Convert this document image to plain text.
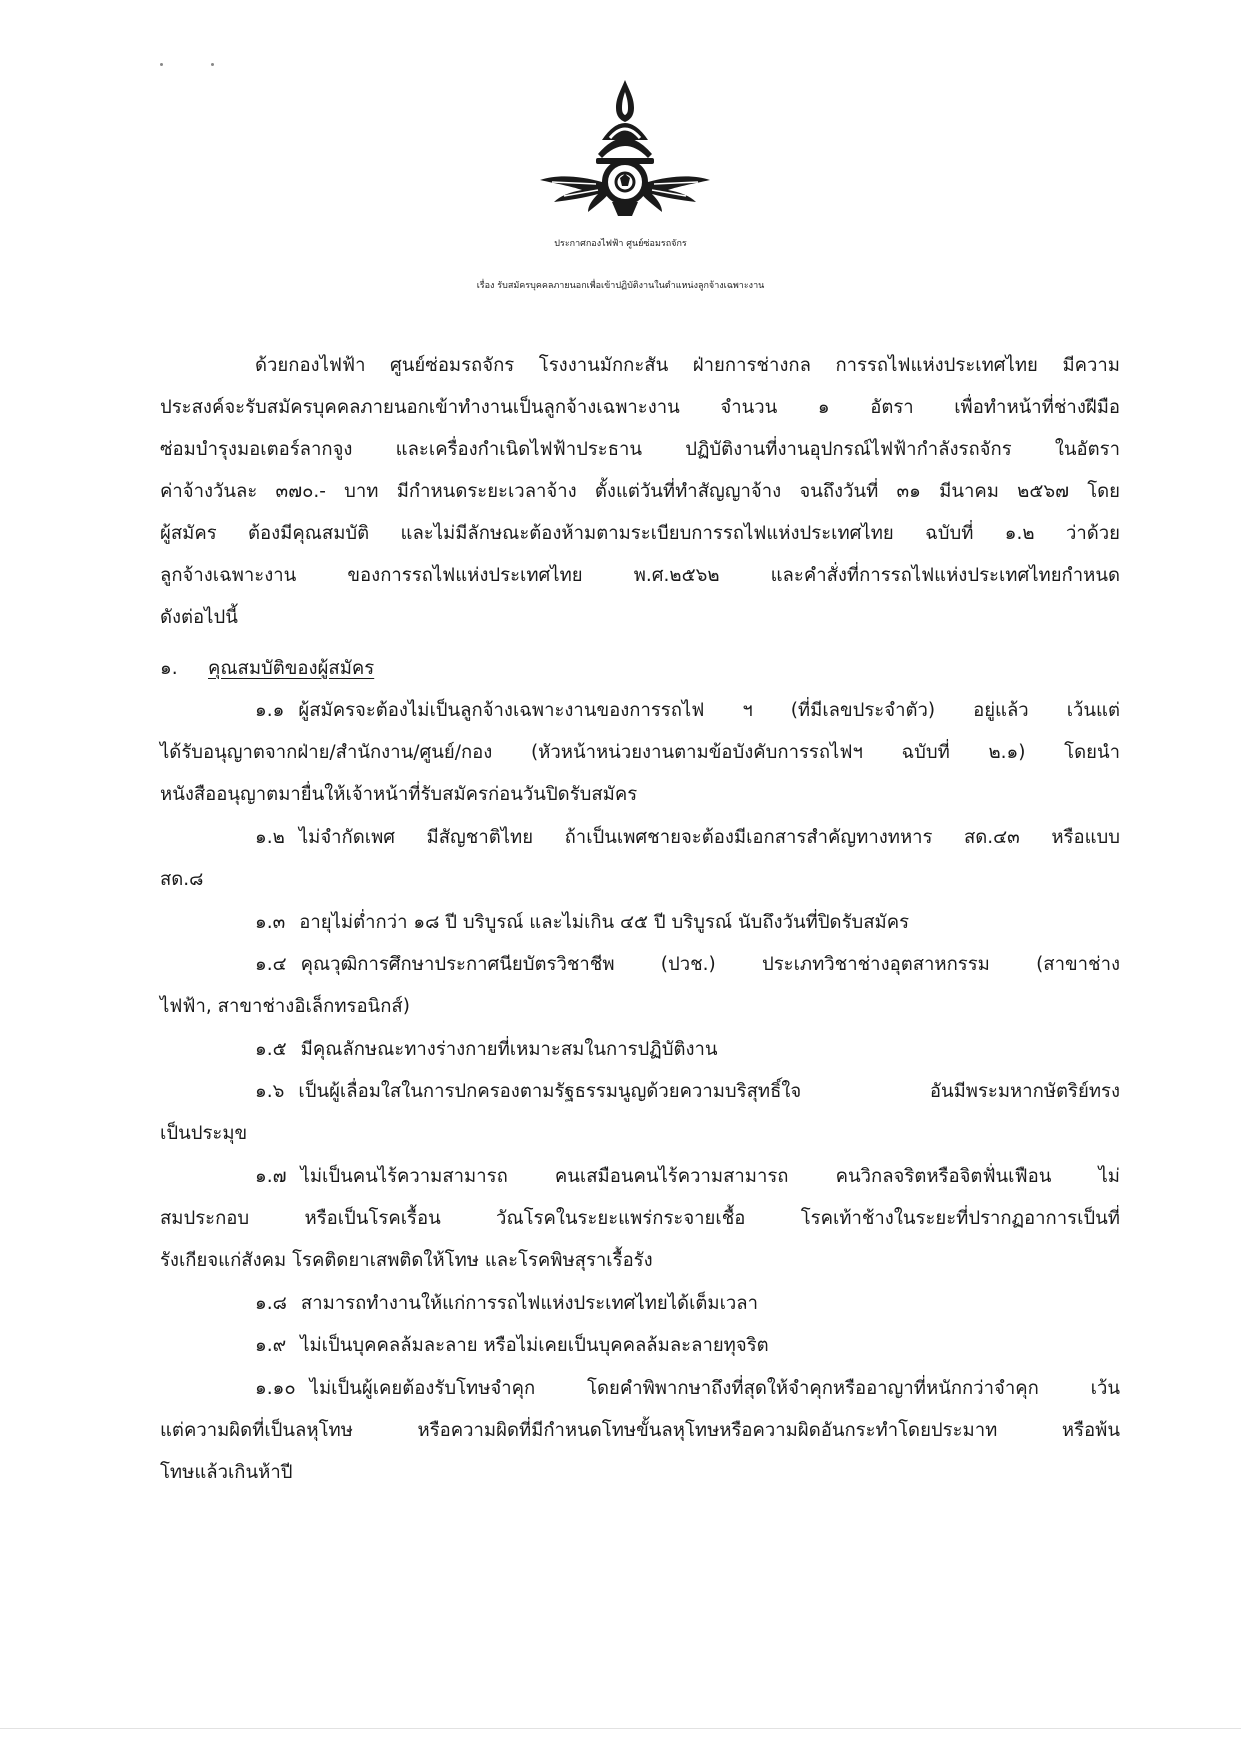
ประกาศกองไฟฟ้า ศูนย์ซ่อมรถจักร
เรื่อง รับสมัครบุคคลภายนอกเพื่อเข้าปฏิบัติงานในตำแหน่งลูกจ้างเฉพาะงาน
ด้วยกองไฟฟ้า ศูนย์ซ่อมรถจักร โรงงานมักกะสัน ฝ่ายการช่างกล การรถไฟแห่งประเทศไทย มีความ
ประสงค์จะรับสมัครบุคคลภายนอกเข้าทำงานเป็นลูกจ้างเฉพาะงาน จำนวน ๑ อัตรา เพื่อทำหน้าที่ช่างฝีมือ
ซ่อมบำรุงมอเตอร์ลากจูง และเครื่องกำเนิดไฟฟ้าประธาน ปฏิบัติงานที่งานอุปกรณ์ไฟฟ้ากำลังรถจักร ในอัตรา
ค่าจ้างวันละ ๓๗๐.- บาท มีกำหนดระยะเวลาจ้าง ตั้งแต่วันที่ทำสัญญาจ้าง จนถึงวันที่ ๓๑ มีนาคม ๒๕๖๗ โดย
ผู้สมัคร ต้องมีคุณสมบัติ และไม่มีลักษณะต้องห้ามตามระเบียบการรถไฟแห่งประเทศไทย ฉบับที่ ๑.๒ ว่าด้วย
ลูกจ้างเฉพาะงาน ของการรถไฟแห่งประเทศไทย พ.ศ.๒๕๖๒ และคำสั่งที่การรถไฟแห่งประเทศไทยกำหนด
ดังต่อไปนี้
๑. คุณสมบัติของผู้สมัคร
๑.๑ ผู้สมัครจะต้องไม่เป็นลูกจ้างเฉพาะงานของการรถไฟ ฯ (ที่มีเลขประจำตัว) อยู่แล้ว เว้นแต่
ได้รับอนุญาตจากฝ่าย/สำนักงาน/ศูนย์/กอง (หัวหน้าหน่วยงานตามข้อบังคับการรถไฟฯ ฉบับที่ ๒.๑) โดยนำ
หนังสืออนุญาตมายื่นให้เจ้าหน้าที่รับสมัครก่อนวันปิดรับสมัคร
๑.๒ ไม่จำกัดเพศ มีสัญชาติไทย ถ้าเป็นเพศชายจะต้องมีเอกสารสำคัญทางทหาร สด.๔๓ หรือแบบ
สด.๘
๑.๓ อายุไม่ต่ำกว่า ๑๘ ปี บริบูรณ์ และไม่เกิน ๔๕ ปี บริบูรณ์ นับถึงวันที่ปิดรับสมัคร
๑.๔ คุณวุฒิการศึกษาประกาศนียบัตรวิชาชีพ (ปวช.) ประเภทวิชาช่างอุตสาหกรรม (สาขาช่าง
ไฟฟ้า, สาขาช่างอิเล็กทรอนิกส์)
๑.๕ มีคุณลักษณะทางร่างกายที่เหมาะสมในการปฏิบัติงาน
๑.๖ เป็นผู้เลื่อมใสในการปกครองตามรัฐธรรมนูญด้วยความบริสุทธิ์ใจ อันมีพระมหากษัตริย์ทรง
เป็นประมุข
๑.๗ ไม่เป็นคนไร้ความสามารถ คนเสมือนคนไร้ความสามารถ คนวิกลจริตหรือจิตฟั่นเฟือน ไม่
สมประกอบ หรือเป็นโรคเรื้อน วัณโรคในระยะแพร่กระจายเชื้อ โรคเท้าช้างในระยะที่ปรากฏอาการเป็นที่
รังเกียจแก่สังคม โรคติดยาเสพติดให้โทษ และโรคพิษสุราเรื้อรัง
๑.๘ สามารถทำงานให้แก่การรถไฟแห่งประเทศไทยได้เต็มเวลา
๑.๙ ไม่เป็นบุคคลล้มละลาย หรือไม่เคยเป็นบุคคลล้มละลายทุจริต
๑.๑๐ ไม่เป็นผู้เคยต้องรับโทษจำคุก โดยคำพิพากษาถึงที่สุดให้จำคุกหรืออาญาที่หนักกว่าจำคุก เว้น
แต่ความผิดที่เป็นลหุโทษ หรือความผิดที่มีกำหนดโทษขั้นลหุโทษหรือความผิดอันกระทำโดยประมาท หรือพ้น
โทษแล้วเกินห้าปี
